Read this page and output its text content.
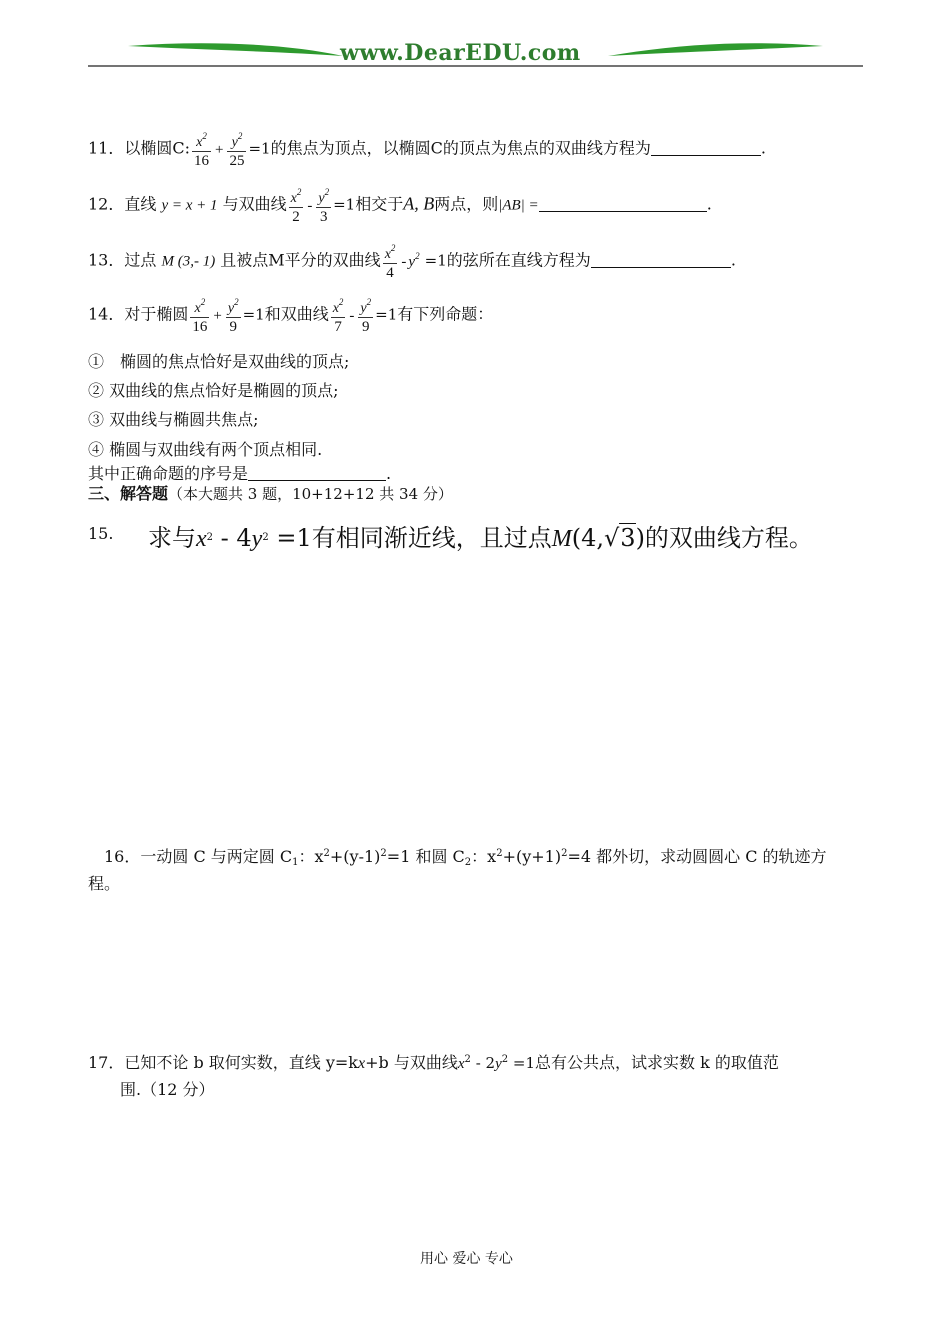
www.DearEDU.com
11．以椭圆C: $\frac{x^2}{16} + \frac{y^2}{25} =1$的焦点为顶点，以椭圆C的顶点为焦点的双曲线方程为	.
12．直线 y = x + 1 与双曲线 $\frac{x^2}{2} - \frac{y^2}{3} =1$相交于A, B两点，则|AB| =	.
13．过点 M (3,- 1) 且被点M平分的双曲线 $\frac{x^2}{4} - y^2 =1$的弦所在直线方程为	.
14．对于椭圆 $\frac{x^2}{16} + \frac{y^2}{9} =1$和双曲线 $\frac{x^2}{7} - \frac{y^2}{9} =1$有下列命题：
①　椭圆的焦点恰好是双曲线的顶点;
② 双曲线的焦点恰好是椭圆的顶点;
③ 双曲线与椭圆共焦点;
④ 椭圆与双曲线有两个顶点相同.
其中正确命题的序号是	.
三、解答题（本大题共 3 题，10+12+12 共 34 分）
15. 求与$x^2 - 4y^2 =1$有相同渐近线，且过点M(4,√3)的双曲线方程。
16．一动圆 C 与两定圆 $C_1$：$x^2+(y-1)^2=1$ 和圆 $C_2$：$x^2+(y+1)^2=4$ 都外切，求动圆圆心 C 的轨迹方
程。
17．已知不论 b 取何实数，直线 y=kx+b 与双曲线$x^2 - 2y^2 =1$总有公共点，试求实数 k 的取值范
围.（12 分）
用心 爱心 专心
